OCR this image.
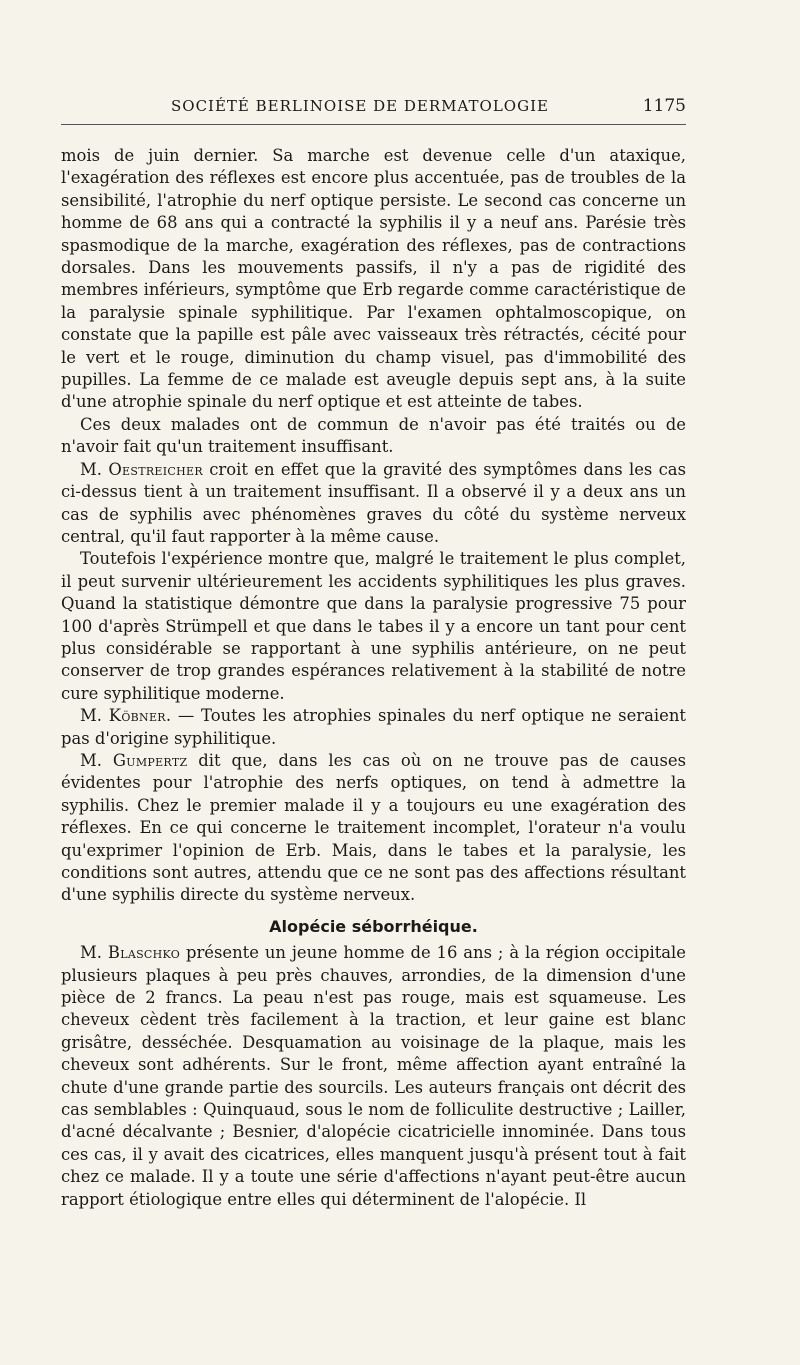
SOCIÉTÉ BERLINOISE DE DERMATOLOGIE	1175

mois de juin dernier. Sa marche est devenue celle d'un ataxique, l'exagération des réflexes est encore plus accentuée, pas de troubles de la sensibilité, l'atrophie du nerf optique persiste. Le second cas concerne un homme de 68 ans qui a contracté la syphilis il y a neuf ans. Parésie très spasmodique de la marche, exagération des réflexes, pas de contractions dorsales. Dans les mouvements passifs, il n'y a pas de rigidité des membres inférieurs, symptôme que Erb regarde comme caractéristique de la paralysie spinale syphilitique. Par l'examen ophtalmoscopique, on constate que la papille est pâle avec vaisseaux très rétractés, cécité pour le vert et le rouge, diminution du champ visuel, pas d'immobilité des pupilles. La femme de ce malade est aveugle depuis sept ans, à la suite d'une atrophie spinale du nerf optique et est atteinte de tabes.

Ces deux malades ont de commun de n'avoir pas été traités ou de n'avoir fait qu'un traitement insuffisant.

M. Oestreicher croit en effet que la gravité des symptômes dans les cas ci-dessus tient à un traitement insuffisant. Il a observé il y a deux ans un cas de syphilis avec phénomènes graves du côté du système nerveux central, qu'il faut rapporter à la même cause.

Toutefois l'expérience montre que, malgré le traitement le plus complet, il peut survenir ultérieurement les accidents syphilitiques les plus graves. Quand la statistique démontre que dans la paralysie progressive 75 pour 100 d'après Strümpell et que dans le tabes il y a encore un tant pour cent plus considérable se rapportant à une syphilis antérieure, on ne peut conserver de trop grandes espérances relativement à la stabilité de notre cure syphilitique moderne.

M. Köbner. — Toutes les atrophies spinales du nerf optique ne seraient pas d'origine syphilitique.

M. Gumpertz dit que, dans les cas où on ne trouve pas de causes évidentes pour l'atrophie des nerfs optiques, on tend à admettre la syphilis. Chez le premier malade il y a toujours eu une exagération des réflexes. En ce qui concerne le traitement incomplet, l'orateur n'a voulu qu'exprimer l'opinion de Erb. Mais, dans le tabes et la paralysie, les conditions sont autres, attendu que ce ne sont pas des affections résultant d'une syphilis directe du système nerveux.

Alopécie séborrhéique.

M. Blaschko présente un jeune homme de 16 ans ; à la région occipitale plusieurs plaques à peu près chauves, arrondies, de la dimension d'une pièce de 2 francs. La peau n'est pas rouge, mais est squameuse. Les cheveux cèdent très facilement à la traction, et leur gaine est blanc grisâtre, desséchée. Desquamation au voisinage de la plaque, mais les cheveux sont adhérents. Sur le front, même affection ayant entraîné la chute d'une grande partie des sourcils. Les auteurs français ont décrit des cas semblables : Quinquaud, sous le nom de folliculite destructive ; Lailler, d'acné décalvante ; Besnier, d'alopécie cicatricielle innominée. Dans tous ces cas, il y avait des cicatrices, elles manquent jusqu'à présent tout à fait chez ce malade. Il y a toute une série d'affections n'ayant peut-être aucun rapport étiologique entre elles qui déterminent de l'alopécie. Il
